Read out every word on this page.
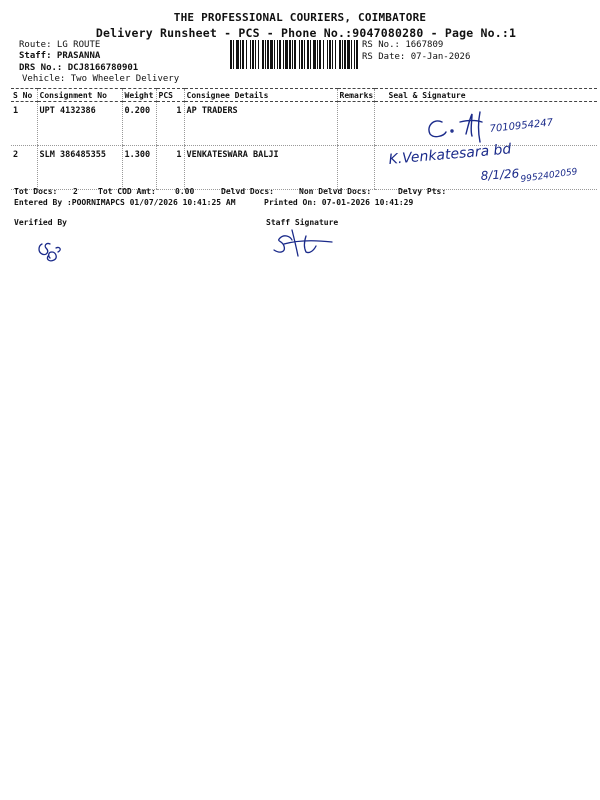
THE PROFESSIONAL COURIERS, COIMBATORE
Delivery Runsheet - PCS - Phone No.:9047080280 - Page No.:1
Route: LG ROUTE
Staff: PRASANNA
DRS No.: DCJ8166780901
Vehicle: Two Wheeler Delivery
RS No.: 1667809
RS Date: 07-Jan-2026
S No	Consignment No	Weight	PCS	Consignee Details	Remarks	Seal & Signature
1	UPT 4132386	0.200	1	AP TRADERS		
2	SLM 386485355	1.300	1	VENKATESWARA BALJI		
7010954247
K.Venkatesara bd
8/1/26 9952402059
Tot Docs: 2	Tot COD Amt: 0.00	Delvd Docs:	Non Delvd Docs:	Delvy Pts:
Entered By :POORNIMAPCS 01/07/2026 10:41:25 AM	Printed On: 07-01-2026 10:41:29
Verified By	Staff Signature
